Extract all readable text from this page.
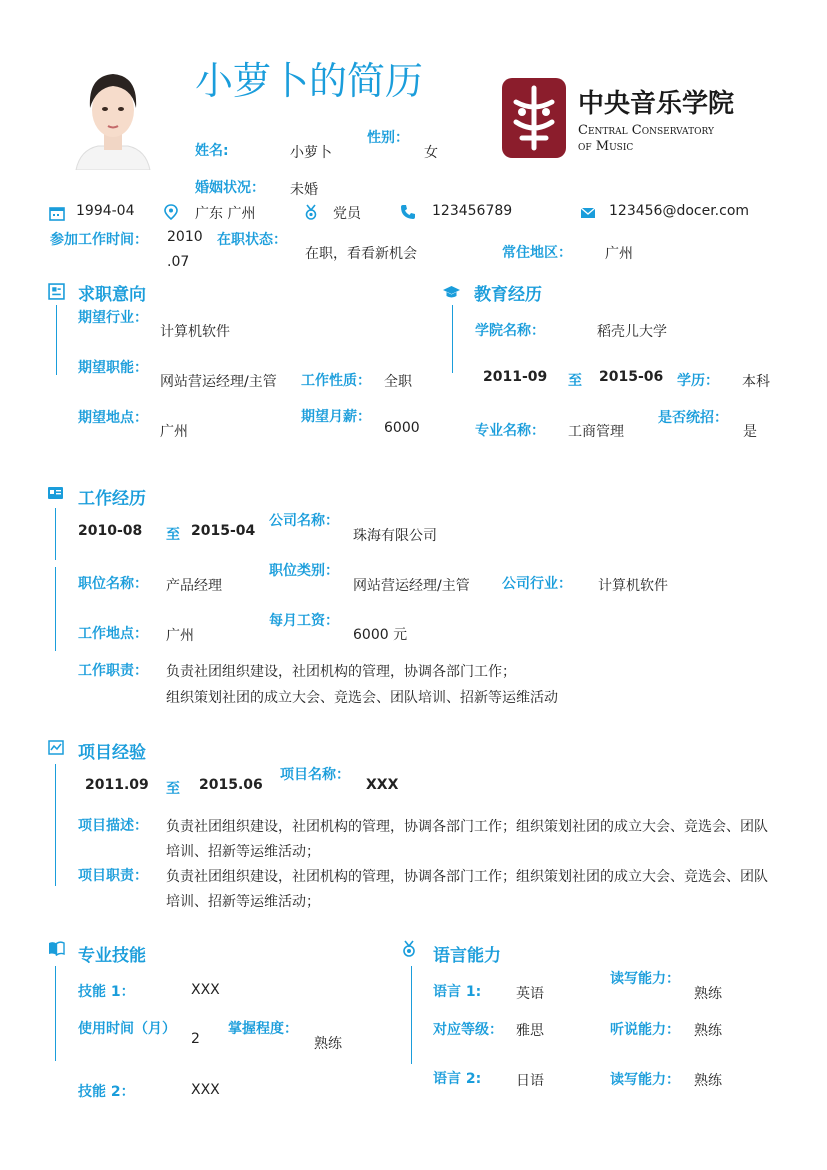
小萝卜的简历
姓名:	小萝卜
性别：
女
婚姻状况： 未婚
中央音乐学院
Central Conservatory
of Music
1994-04	广东 广州	党员	123456789	123456@docer.com
参加工作时间： 2010
.07
在职状态：
在职，看看新机会	常住地区： 广州
求职意向
期望行业：
计算机软件
期望职能：
网站营运经理/主管 工作性质： 全职
期望地点：
广州
期望月薪：
6000
教育经历
学院名称：	稻壳儿大学
2011-09 至 2015-06 学历： 本科
专业名称： 工商管理
是否统招：
是
工作经历
2010-08 至 2015-04
公司名称：
珠海有限公司
职位名称： 产品经理
职位类别：
网站营运经理/主管 公司行业： 计算机软件
工作地点： 广州
每月工资：
6000 元
工作职责： 负责社团组织建设，社团机构的管理，协调各部门工作；
组织策划社团的成立大会、竞选会、团队培训、招新等运维活动
项目经验
2011.09 至 2015.06
项目名称：
XXX
项目描述： 负责社团组织建设，社团机构的管理，协调各部门工作；组织策划社团的成立大会、竞选会、团队
培训、招新等运维活动；
项目职责： 负责社团组织建设，社团机构的管理，协调各部门工作；组织策划社团的成立大会、竞选会、团队
培训、招新等运维活动；
专业技能
技能 1：	XXX
使用时间（月）
2
掌握程度：
熟练
技能 2：	XXX
语言能力
语言 1: 英语
读写能力：
熟练
对应等级： 雅思	听说能力： 熟练
语言 2: 日语	读写能力： 熟练
